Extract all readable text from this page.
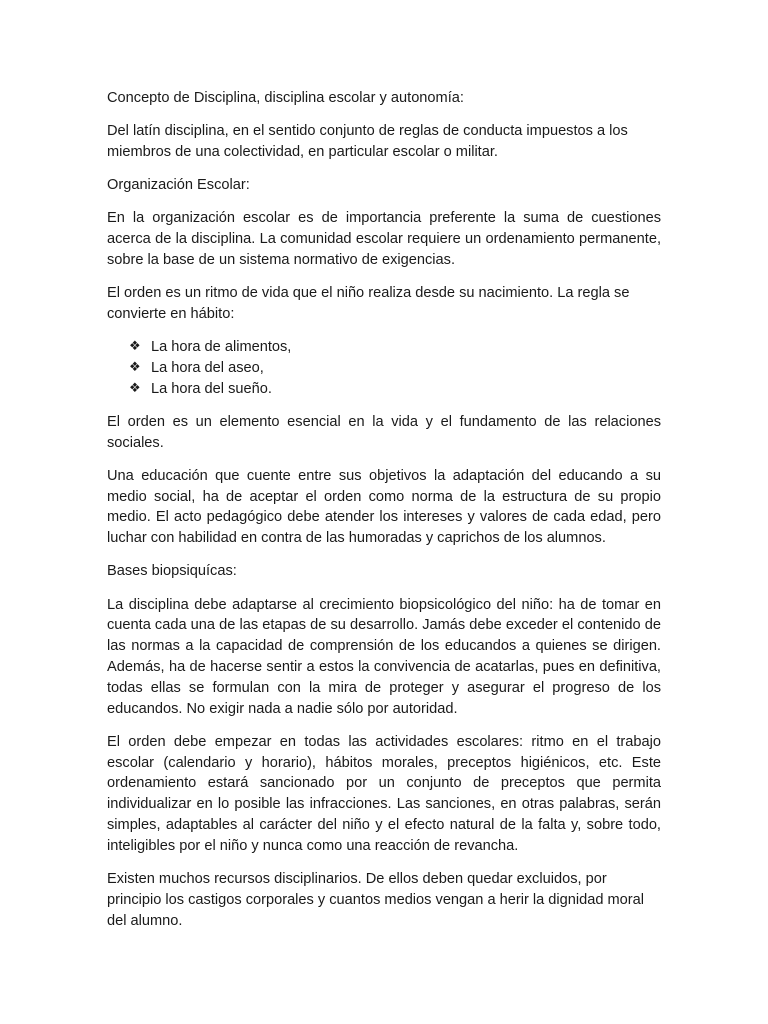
Concepto de Disciplina, disciplina escolar y autonomía:

Del latín disciplina, en el sentido conjunto de reglas de conducta impuestos a los miembros de una colectividad, en particular escolar o militar.

Organización Escolar:

En la organización escolar es de importancia preferente la suma de cuestiones acerca de la disciplina. La comunidad escolar requiere un ordenamiento permanente, sobre la base de un sistema normativo de exigencias.

El orden es un ritmo de vida que el niño realiza desde su nacimiento. La regla se convierte en hábito:

❖ La hora de alimentos,
❖ La hora del aseo,
❖ La hora del sueño.

El orden es un elemento esencial en la vida y el fundamento de las relaciones sociales.

Una educación que cuente entre sus objetivos la adaptación del educando a su medio social, ha de aceptar el orden como norma de la estructura de su propio medio. El acto pedagógico debe atender los intereses y valores de cada edad, pero luchar con habilidad en contra de las humoradas y caprichos de los alumnos.

Bases biopsiquícas:

La disciplina debe adaptarse al crecimiento biopsicológico del niño: ha de tomar en cuenta cada una de las etapas de su desarrollo. Jamás debe exceder el contenido de las normas a la capacidad de comprensión de los educandos a quienes se dirigen. Además, ha de hacerse sentir a estos la convivencia de acatarlas, pues en definitiva, todas ellas se formulan con la mira de proteger y asegurar el progreso de los educandos. No exigir nada a nadie sólo por autoridad.

El orden debe empezar en todas las actividades escolares: ritmo en el trabajo escolar (calendario y horario), hábitos morales, preceptos higiénicos, etc. Este ordenamiento estará sancionado por un conjunto de preceptos que permita individualizar en lo posible las infracciones. Las sanciones, en otras palabras, serán simples, adaptables al carácter del niño y el efecto natural de la falta y, sobre todo, inteligibles por el niño y nunca como una reacción de revancha.

Existen muchos recursos disciplinarios. De ellos deben quedar excluidos, por principio los castigos corporales y cuantos medios vengan a herir la dignidad moral del alumno.
